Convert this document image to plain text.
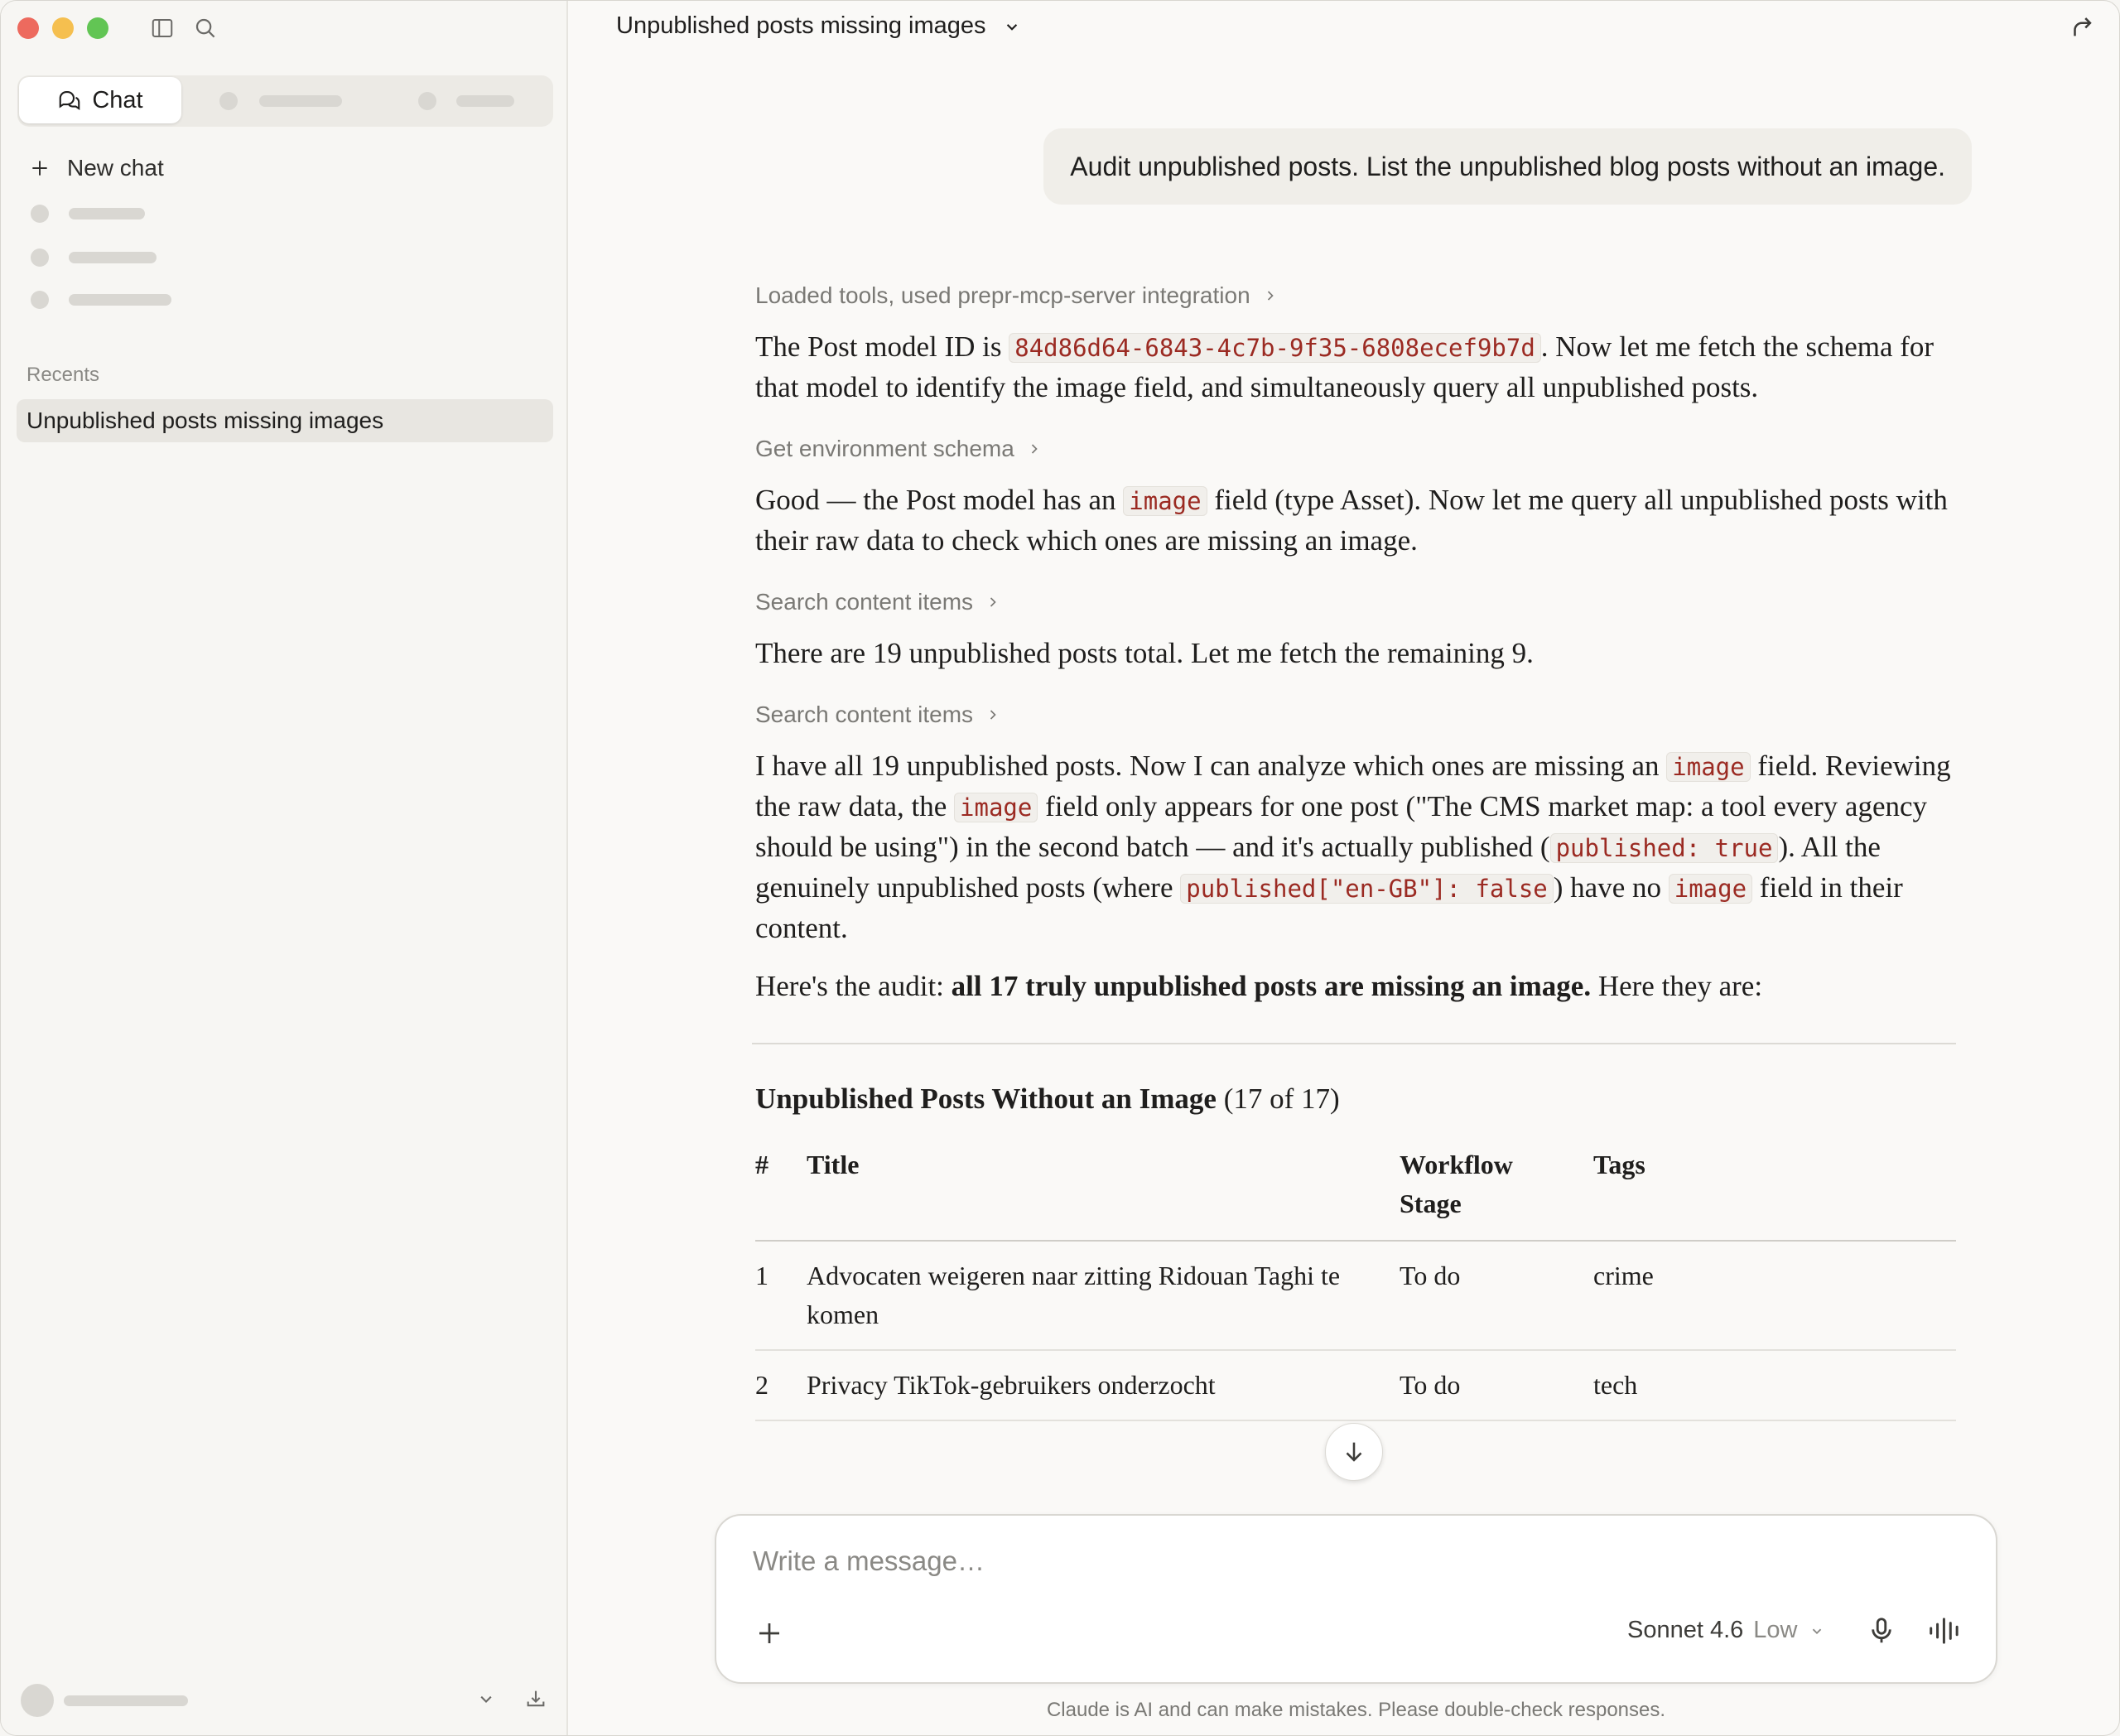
Chat
New chat
Recents
Unpublished posts missing images
Unpublished posts missing images
Audit unpublished posts. List the unpublished blog posts without an image.
Loaded tools, used prepr-mcp-server integration

The Post model ID is 84d86d64-6843-4c7b-9f35-6808ecef9b7d . Now let me fetch the schema for that model to identify the image field, and simultaneously query all unpublished posts.

Get environment schema

Good — the Post model has an image field (type Asset). Now let me query all unpublished posts with their raw data to check which ones are missing an image.

Search content items

There are 19 unpublished posts total. Let me fetch the remaining 9.

Search content items

I have all 19 unpublished posts. Now I can analyze which ones are missing an image field. Reviewing the raw data, the image field only appears for one post ("The CMS market map: a tool every agency should be using") in the second batch — and it's actually published ( published: true ). All the genuinely unpublished posts (where published["en-GB"]: false ) have no image field in their content.

Here's the audit: all 17 truly unpublished posts are missing an image. Here they are:

Unpublished Posts Without an Image (17 of 17)
#	Title	Workflow Stage	Tags
1	Advocaten weigeren naar zitting Ridouan Taghi te komen	To do	crime
2	Privacy TikTok-gebruikers onderzocht	To do	tech
Write a message…
Sonnet 4.6 Low
Claude is AI and can make mistakes. Please double-check responses.
